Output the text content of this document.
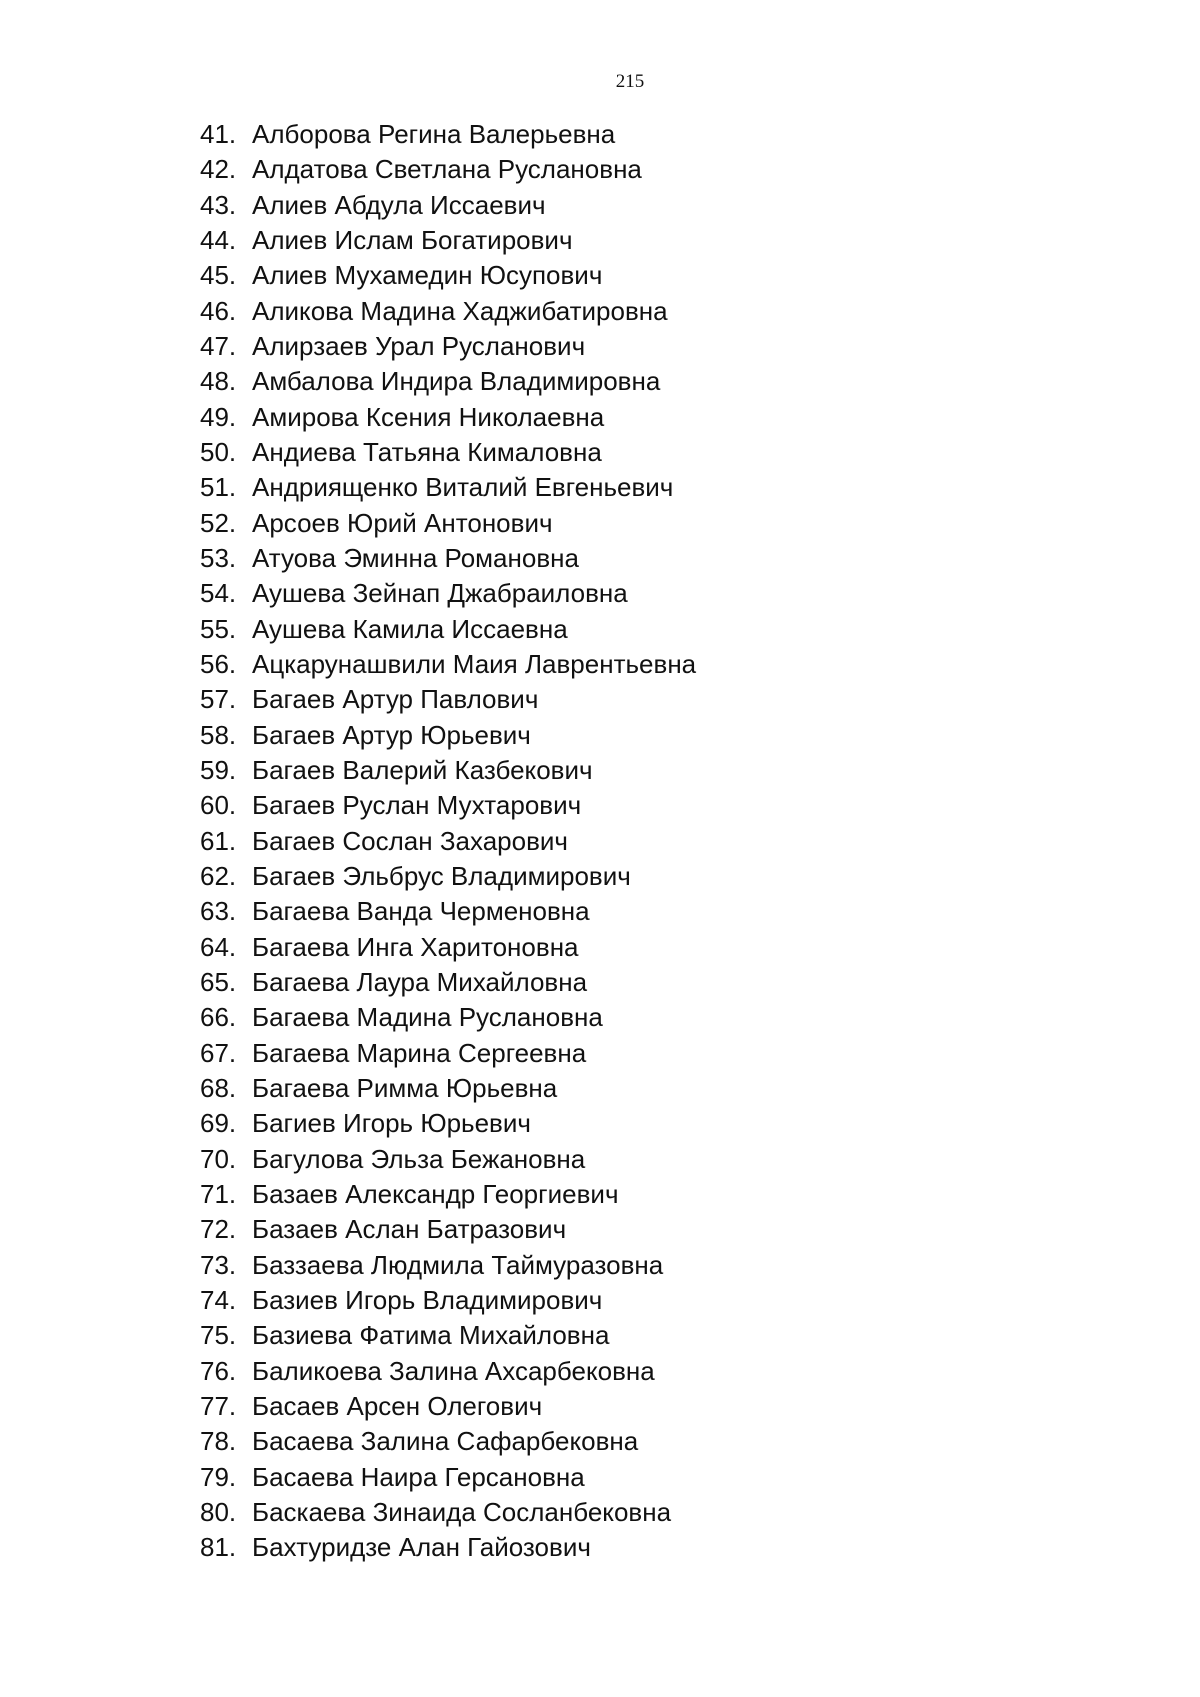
215
41. Алборова Регина Валерьевна
42. Алдатова Светлана Руслановна
43. Алиев Абдула Иссаевич
44. Алиев Ислам Богатирович
45. Алиев Мухамедин Юсупович
46. Аликова Мадина Хаджибатировна
47. Алирзаев Урал Русланович
48. Амбалова Индира Владимировна
49. Амирова Ксения Николаевна
50. Андиева Татьяна Кималовна
51. Андриященко Виталий Евгеньевич
52. Арсоев Юрий Антонович
53. Атуова Эминна Романовна
54. Аушева Зейнап Джабраиловна
55. Аушева Камила Иссаевна
56. Ацкарунашвили Маия Лаврентьевна
57. Багаев Артур Павлович
58. Багаев Артур Юрьевич
59. Багаев Валерий Казбекович
60. Багаев Руслан Мухтарович
61. Багаев Сослан Захарович
62. Багаев Эльбрус Владимирович
63. Багаева Ванда Черменовна
64. Багаева Инга Харитоновна
65. Багаева Лаура Михайловна
66. Багаева Мадина Руслановна
67. Багаева Марина Сергеевна
68. Багаева Римма Юрьевна
69. Багиев Игорь Юрьевич
70. Багулова Эльза Бежановна
71. Базаев Александр Георгиевич
72. Базаев Аслан Батразович
73. Баззаева Людмила Таймуразовна
74. Базиев Игорь Владимирович
75. Базиева Фатима Михайловна
76. Баликоева Залина Ахсарбековна
77. Басаев Арсен Олегович
78. Басаева Залина Сафарбековна
79. Басаева Наира Герсановна
80. Баскаева Зинаида Сосланбековна
81. Бахтуридзе Алан Гайозович
